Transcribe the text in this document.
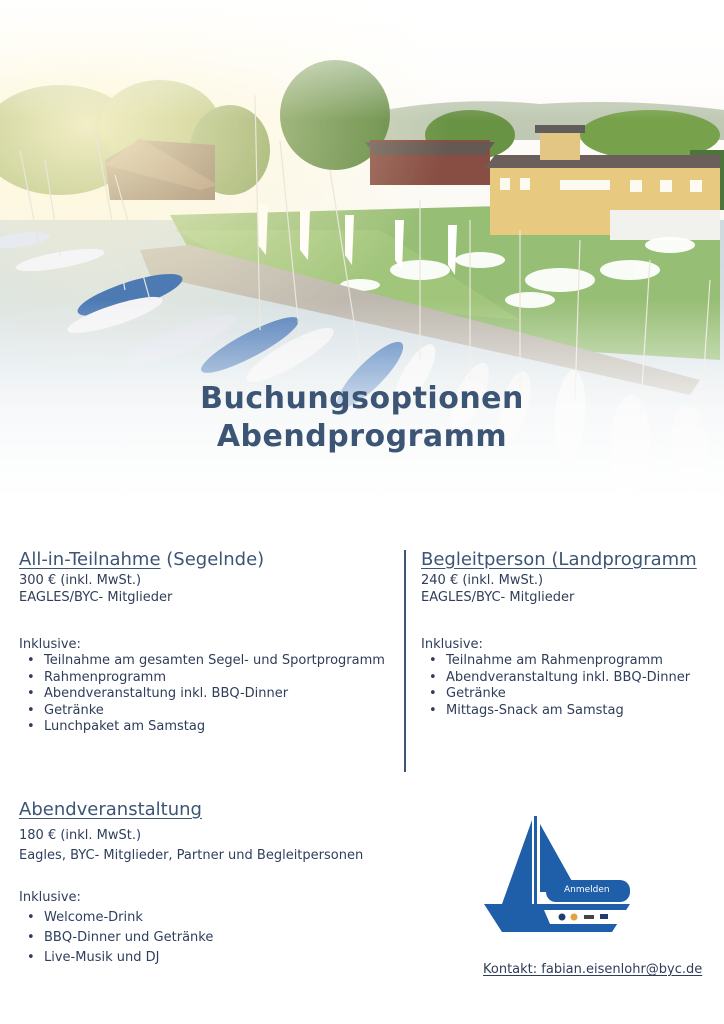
Buchungsoptionen
Abendprogramm
All-in-Teilnahme (Segelnde)
300 € (inkl. MwSt.)
EAGLES/BYC- Mitglieder
Inklusive:
• Teilnahme am gesamten Segel- und Sportprogramm
• Rahmenprogramm
• Abendveranstaltung inkl. BBQ-Dinner
• Getränke
• Lunchpaket am Samstag
Begleitperson (Landprogramm
240 € (inkl. MwSt.)
EAGLES/BYC- Mitglieder
Inklusive:
• Teilnahme am Rahmenprogramm
• Abendveranstaltung inkl. BBQ-Dinner
• Getränke
• Mittags-Snack am Samstag
Abendveranstaltung
180 € (inkl. MwSt.)
Eagles, BYC- Mitglieder, Partner und Begleitpersonen
Inklusive:
• Welcome-Drink
• BBQ-Dinner und Getränke
• Live-Musik und DJ
Anmelden
Kontakt: fabian.eisenlohr@byc.de
